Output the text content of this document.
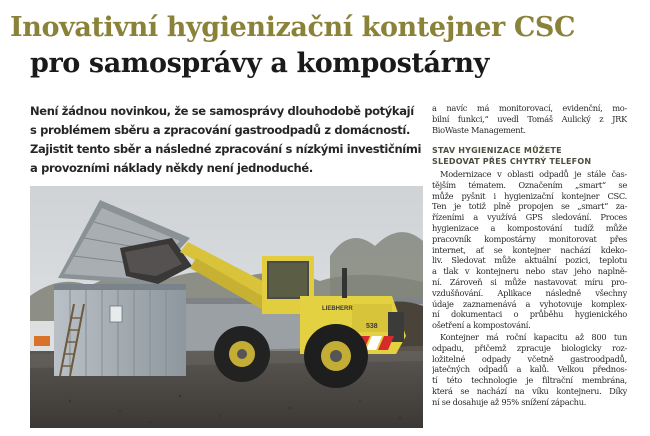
Inovativní hygienizační kontejner CSC
pro samosprávy a kompostárny
Není žádnou novinkou, že se samosprávy dlouhodobě potýkají
s problémem sběru a zpracování gastroodpadů z domácností.
Zajistit tento sběr a následné zpracování s nízkými investičními
a provozními náklady někdy není jednoduché.
LIEBHERR
538
a navíc má monitorovací, evidenční, mo-
bilní funkci,“ uvedl Tomáš Aulický z JRK
BioWaste Management.
STAV HYGIENIZACE MŮŽETE
SLEDOVAT PŘES CHYTRÝ TELEFON
Modernizace v oblasti odpadů je stále čas-
tějším tématem. Označením „smart“ se
může pyšnit i hygienizační kontejner CSC.
Ten je totiž plně propojen se „smart“ za-
řízeními a využívá GPS sledování. Proces
hygienizace a kompostování tudíž může
pracovník kompostárny monitorovat přes
internet, ať se kontejner nachází kdeko-
liv. Sledovat může aktuální pozici, teplotu
a tlak v kontejneru nebo stav jeho naplně-
ní. Zároveň si může nastavovat míru pro-
vzdušňování. Aplikace následně všechny
údaje zaznamenává a vyhotovuje komplex-
ní dokumentaci o průběhu hygienického
ošetření a kompostování.
Kontejner má roční kapacitu až 800 tun
odpadu, přičemž zpracuje biologicky roz-
ložitelné odpady včetně gastroodpadů,
jatečných odpadů a kalů. Velkou přednos-
tí této technologie je filtrační membrána,
která se nachází na víku kontejneru. Díky
ní se dosahuje až 95% snížení zápachu.
